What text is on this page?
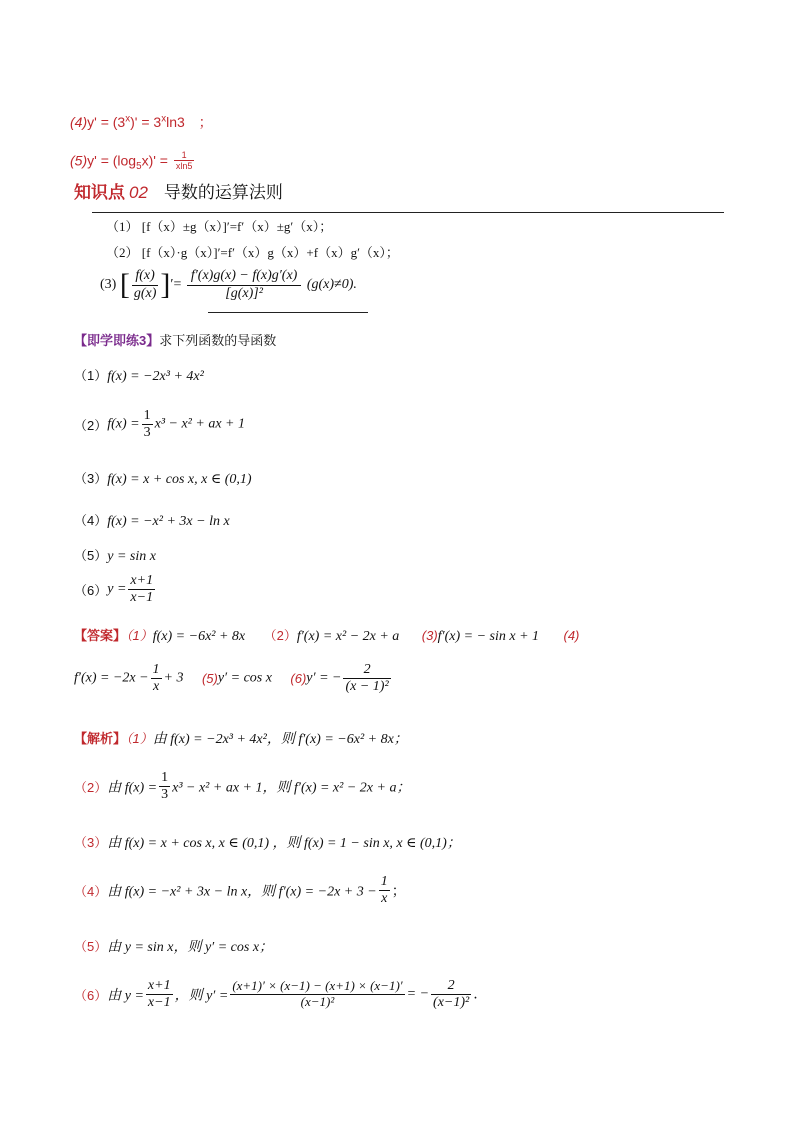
$(4)y' = (3^x)' = 3^x\ln 3$ ；
$(5)y' = (\log_5x)' = \frac{1}{xln5}$
知识点 02 导数的运算法则
（1） [f（x）±g（x）]′=f′（x）±g′（x）；
（2） [f（x）·g（x）]′=f′（x）g（x）+f（x）g′（x）；
(3) [ $\frac{f(x)}{g(x)}$ ]′= $\frac{f'(x)g(x) - f(x)g'(x)}{\text{[g(x)]²}} (g(x)\ne 0)$.
【即学即练3】求下列函数的导函数
（1）f(x) = −2x³ + 4x²
$(2)f(x) = \frac{1}{3} x^3 - x^2$ + ax + 1
（3）f(x) = x + cos x, x ∈ (0,1)
（4）f(x) = −x² + 3x − ln x
（5）y = sin x
$(6)y = \frac{x+1}{x-1}$
【答案】（1）f(x) = −6x² + 8x （2）f′(x) = x² − 2x + a (3)f′(x) = − sin x + 1 (4)
$f'(x) = -2x - \frac{1}{x} + 3$ (5)y′ = cos x (6)y′ = − $\frac{2}{\text{(x − 1)²}}$
【解析】（1）由 f(x) = −2x³ + 4x²，则 f′(x) = −6x² + 8x；
（2）由 $f(x) = \frac{1}{3} x^3 - x^2$ + ax + 1，则 f′(x) = x² − 2x + a；
（3）由 f(x) = x + cos x, x ∈ (0,1) ，则 f(x) = 1 − sin x, x ∈ (0,1)；
（4）由 f(x) = −x² + 3x − ln x，则 $f'(x) = -2x + 3 - \frac{1}{x}$ ；
（5）由 y = sin x，则 y′ = cos x；
（6）由 $y = \frac{x+1}{x-1}$ ，则 $y' = \frac{(x+1)' \times (x-1) - (x+1) \times (x-1)'}{\text{(x−1)²}}$ = − $\frac{2}{\text{(x−1)²}}$ .
